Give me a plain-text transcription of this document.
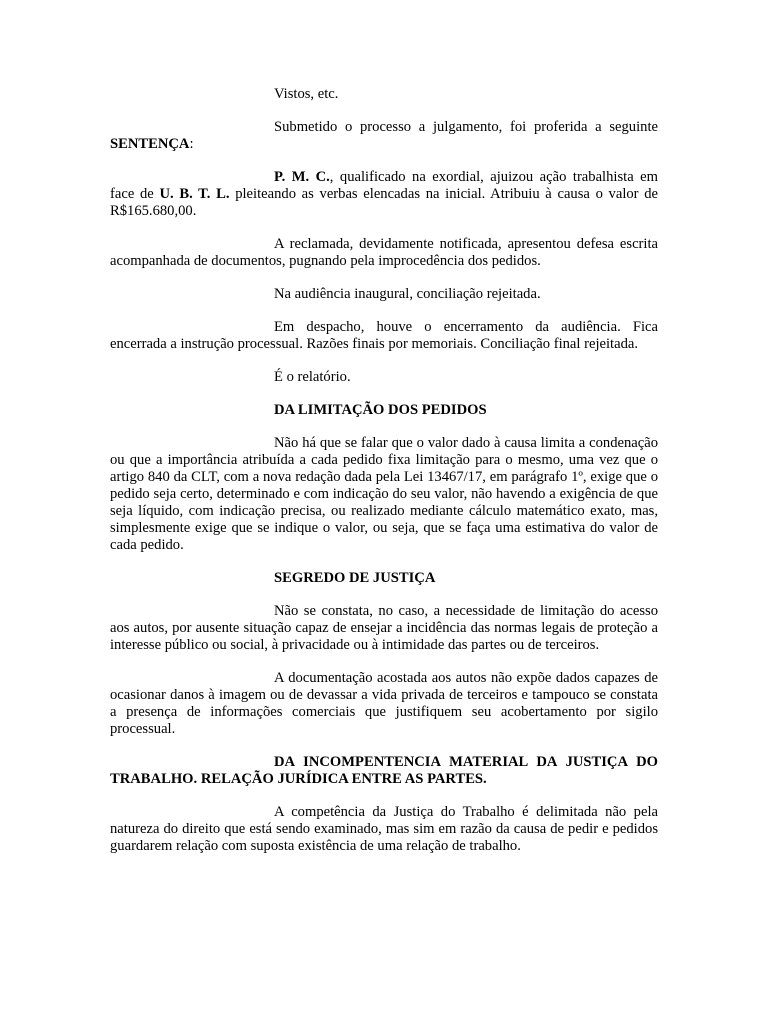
Vistos, etc.

Submetido o processo a julgamento, foi proferida a seguinte SENTENÇA:

P. M. C., qualificado na exordial, ajuizou ação trabalhista em face de U. B. T. L. pleiteando as verbas elencadas na inicial. Atribuiu à causa o valor de R$165.680,00.

A reclamada, devidamente notificada, apresentou defesa escrita acompanhada de documentos, pugnando pela improcedência dos pedidos.

Na audiência inaugural, conciliação rejeitada.

Em despacho, houve o encerramento da audiência. Fica encerrada a instrução processual. Razões finais por memoriais. Conciliação final rejeitada.

É o relatório.

DA LIMITAÇÃO DOS PEDIDOS

Não há que se falar que o valor dado à causa limita a condenação ou que a importância atribuída a cada pedido fixa limitação para o mesmo, uma vez que o artigo 840 da CLT, com a nova redação dada pela Lei 13467/17, em parágrafo 1º, exige que o pedido seja certo, determinado e com indicação do seu valor, não havendo a exigência de que seja líquido, com indicação precisa, ou realizado mediante cálculo matemático exato, mas, simplesmente exige que se indique o valor, ou seja, que se faça uma estimativa do valor de cada pedido.

SEGREDO DE JUSTIÇA

Não se constata, no caso, a necessidade de limitação do acesso aos autos, por ausente situação capaz de ensejar a incidência das normas legais de proteção a interesse público ou social, à privacidade ou à intimidade das partes ou de terceiros.

A documentação acostada aos autos não expõe dados capazes de ocasionar danos à imagem ou de devassar a vida privada de terceiros e tampouco se constata a presença de informações comerciais que justifiquem seu acobertamento por sigilo processual.

DA INCOMPENTENCIA MATERIAL DA JUSTIÇA DO TRABALHO. RELAÇÃO JURÍDICA ENTRE AS PARTES.

A competência da Justiça do Trabalho é delimitada não pela natureza do direito que está sendo examinado, mas sim em razão da causa de pedir e pedidos guardarem relação com suposta existência de uma relação de trabalho.
